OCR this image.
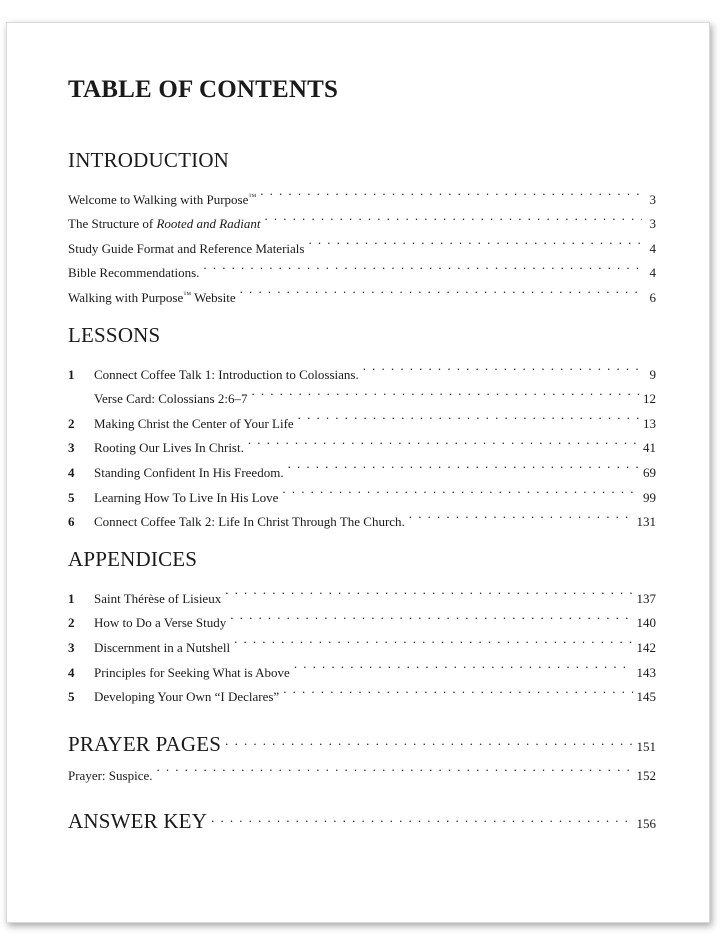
TABLE OF CONTENTS
INTRODUCTION
Welcome to Walking with Purpose™ . . .	3
The Structure of Rooted and Radiant . . .	3
Study Guide Format and Reference Materials . . .	4
Bible Recommendations. . . .	4
Walking with Purpose™ Website . . .	6
LESSONS
1	Connect Coffee Talk 1: Introduction to Colossians. . . .	9
Verse Card: Colossians 2:6–7 . . .	12
2	Making Christ the Center of Your Life . . .	13
3	Rooting Our Lives In Christ. . . .	41
4	Standing Confident In His Freedom. . . .	69
5	Learning How To Live In His Love . . .	99
6	Connect Coffee Talk 2: Life In Christ Through The Church. . . .	131
APPENDICES
1	Saint Thérèse of Lisieux . . .	137
2	How to Do a Verse Study . . .	140
3	Discernment in a Nutshell . . .	142
4	Principles for Seeking What is Above . . .	143
5	Developing Your Own “I Declares” . . .	145
PRAYER PAGES . . .	151
Prayer: Suspice. . . .	152
ANSWER KEY . . .	156
